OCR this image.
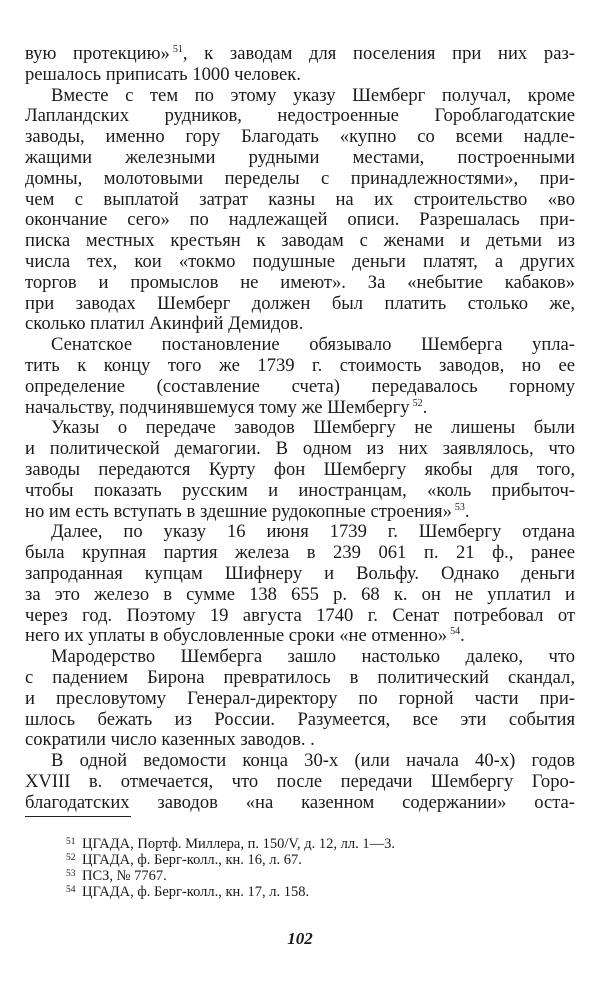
вую протекцию» $^{51}$, к заводам для поселения при них раз-
решалось приписать 1000 человек.
Вместе с тем по этому указу Шемберг получал, кроме
Лапландских рудников, недостроенные Гороблагодатские
заводы, именно гору Благодать «купно со всеми надле-
жащими железными рудными местами, построенными
домны, молотовыми переделы с принадлежностями», при-
чем с выплатой затрат казны на их строительство «во
окончание сего» по надлежащей описи. Разрешалась при-
писка местных крестьян к заводам с женами и детьми из
числа тех, кои «токмо подушные деньги платят, а других
торгов и промыслов не имеют». За «небытие кабаков»
при заводах Шемберг должен был платить столько же,
сколько платил Акинфий Демидов.
Сенатское постановление обязывало Шемберга упла-
тить к концу того же 1739 г. стоимость заводов, но ее
определение (составление счета) передавалось горному
начальству, подчинявшемуся тому же Шембергу $^{52}$.
Указы о передаче заводов Шембергу не лишены были
и политической демагогии. В одном из них заявлялось, что
заводы передаются Курту фон Шембергу якобы для того,
чтобы показать русским и иностранцам, «коль прибыточ-
но им есть вступать в здешние рудокопные строения» $^{53}$.
Далее, по указу 16 июня 1739 г. Шембергу отдана
была крупная партия железа в 239 061 п. 21 ф., ранее
запроданная купцам Шифнеру и Вольфу. Однако деньги
за это железо в сумме 138 655 р. 68 к. он не уплатил и
через год. Поэтому 19 августа 1740 г. Сенат потребовал от
него их уплаты в обусловленные сроки «не отменно» $^{54}$.
Мародерство Шемберга зашло настолько далеко, что
с падением Бирона превратилось в политический скандал,
и пресловутому Генерал-директору по горной части при-
шлось бежать из России. Разумеется, все эти события
сократили число казенных заводов. .
В одной ведомости конца 30-х (или начала 40-х) годов
XVIII в. отмечается, что после передачи Шембергу Горо-
благодатских заводов «на казенном содержании» оста-
51 ЦГАДА, Портф. Миллера, п. 150/V, д. 12, лл. 1—3.
52 ЦГАДА, ф. Берг-колл., кн. 16, л. 67.
53 ПСЗ, № 7767.
54 ЦГАДА, ф. Берг-колл., кн. 17, л. 158.
102
